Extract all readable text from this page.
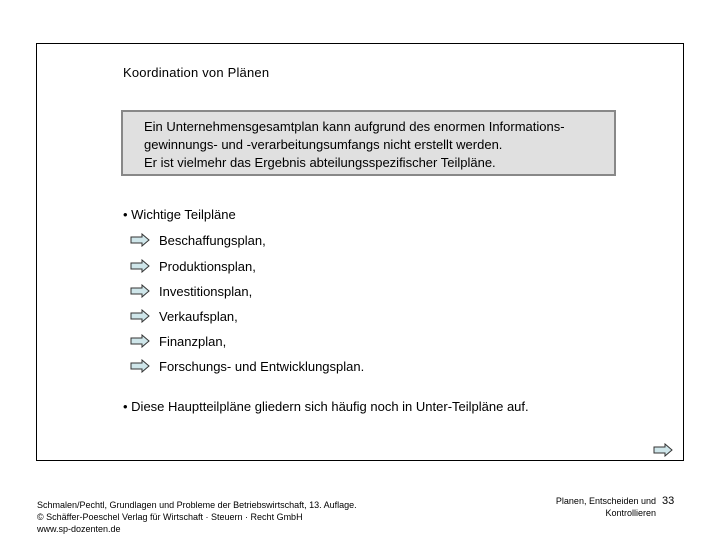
Koordination von Plänen
Ein Unternehmensgesamtplan kann aufgrund des enormen Informations-
gewinnungs- und -verarbeitungsumfangs nicht erstellt werden.
Er ist vielmehr das Ergebnis abteilungsspezifischer Teilpläne.
• Wichtige Teilpläne
Beschaffungsplan,
Produktionsplan,
Investitionsplan,
Verkaufsplan,
Finanzplan,
Forschungs- und Entwicklungsplan.
• Diese Hauptteilpläne gliedern sich häufig noch in Unter-Teilpläne auf.
Schmalen/Pechtl, Grundlagen und Probleme der Betriebswirtschaft, 13. Auflage.
© Schäffer-Poeschel Verlag für Wirtschaft · Steuern · Recht GmbH
www.sp-dozenten.de
Planen, Entscheiden und
Kontrollieren
33
